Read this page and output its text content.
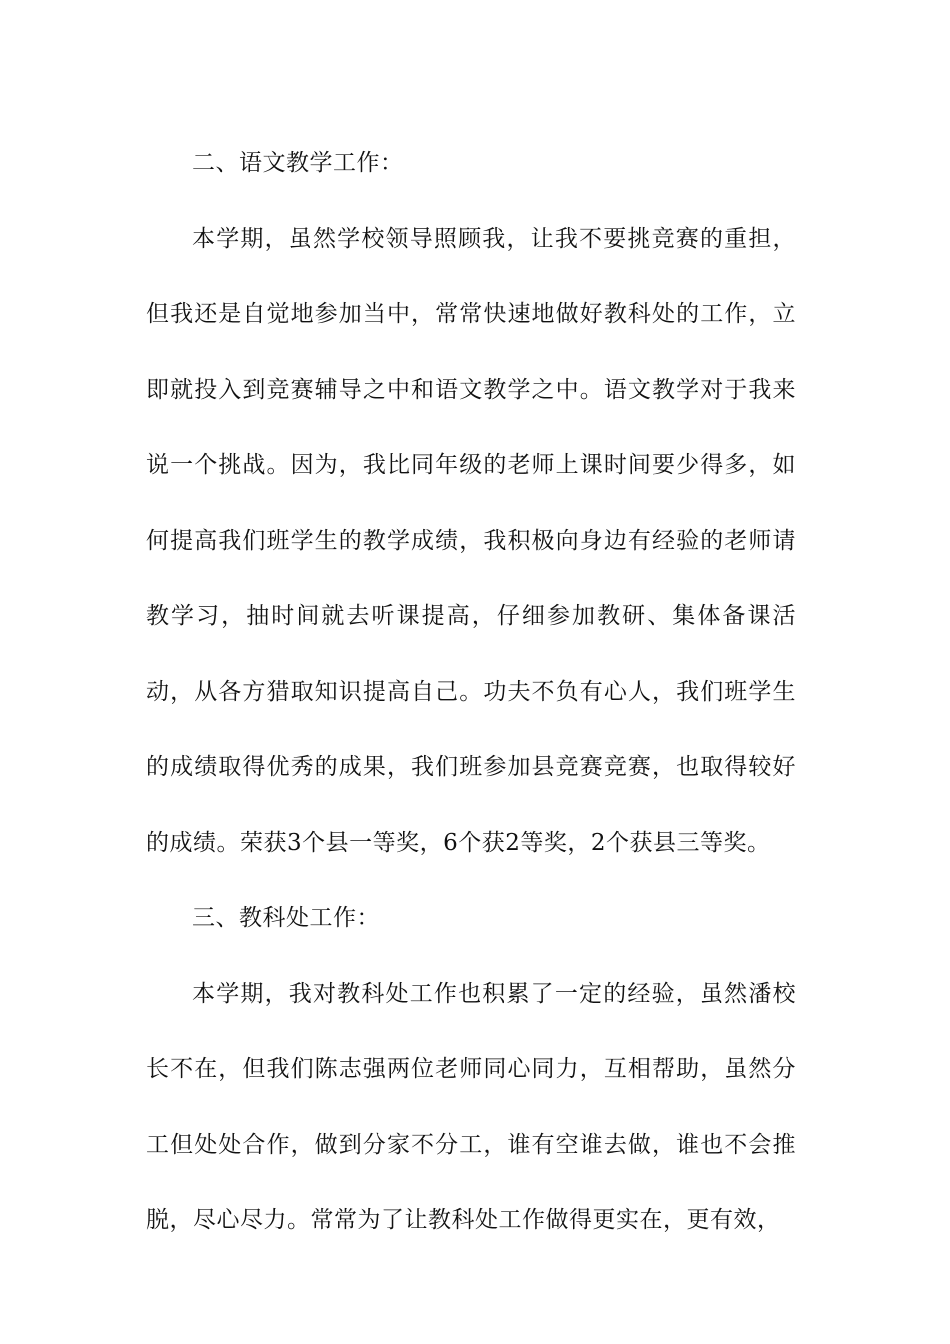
二、语文教学工作：

本学期，虽然学校领导照顾我，让我不要挑竞赛的重担，但我还是自觉地参加当中，常常快速地做好教科处的工作，立即就投入到竞赛辅导之中和语文教学之中。语文教学对于我来说一个挑战。因为，我比同年级的老师上课时间要少得多，如何提高我们班学生的教学成绩，我积极向身边有经验的老师请教学习，抽时间就去听课提高，仔细参加教研、集体备课活动，从各方猎取知识提高自己。功夫不负有心人，我们班学生的成绩取得优秀的成果，我们班参加县竞赛竞赛，也取得较好的成绩。荣获3个县一等奖，6个获2等奖，2个获县三等奖。

三、教科处工作：

本学期，我对教科处工作也积累了一定的经验，虽然潘校长不在，但我们陈志强两位老师同心同力，互相帮助，虽然分工但处处合作，做到分家不分工，谁有空谁去做，谁也不会推脱，尽心尽力。常常为了让教科处工作做得更实在，更有效，
